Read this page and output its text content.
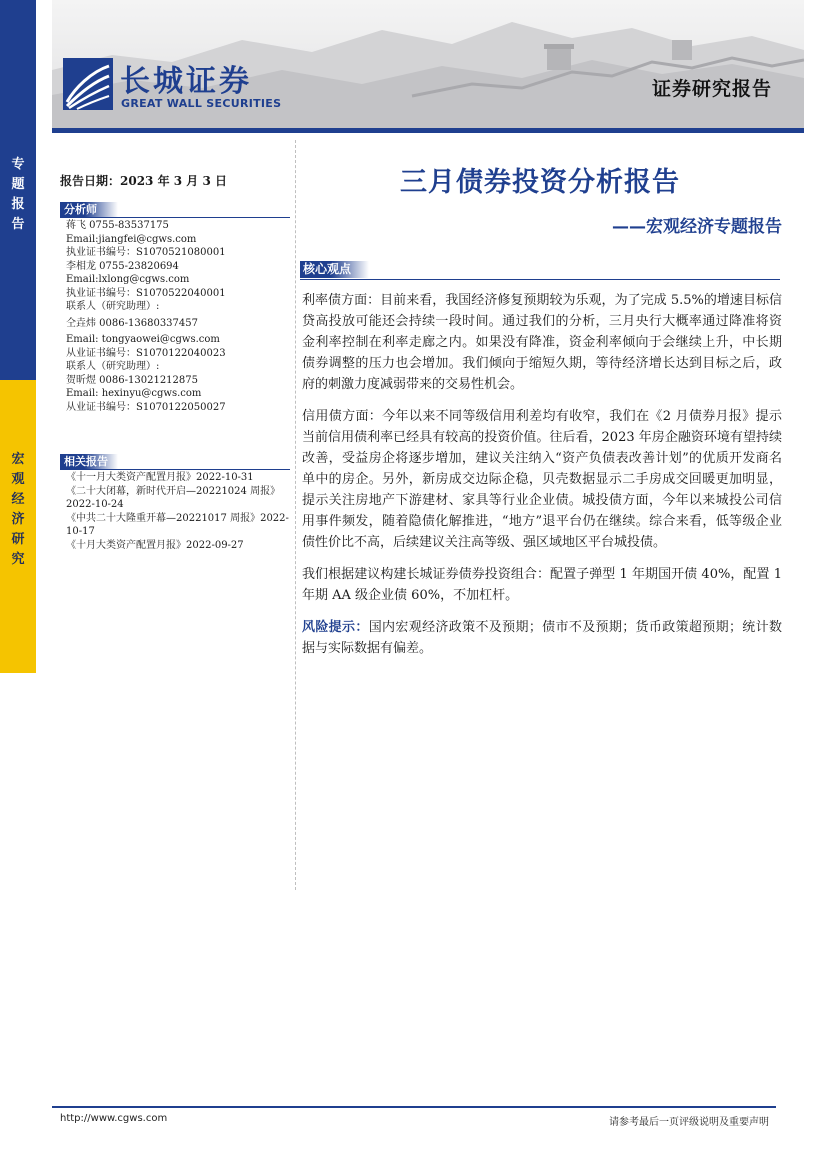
专
题
报
告
宏
观
经
济
研
究
长城证券
GREAT WALL SECURITIES
证券研究报告
报告日期：2023 年 3 月 3 日
分析师
蒋飞 0755-83537175
Email:jiangfei@cgws.com
执业证书编号：S1070521080001
李相龙 0755-23820694
Email:lxlong@cgws.com
执业证书编号：S1070522040001
联系人（研究助理）:
仝垚炜 0086-13680337457
Email: tongyaowei@cgws.com
从业证书编号：S1070122040023
联系人（研究助理）:
贺昕煜 0086-13021212875
Email: hexinyu@cgws.com
从业证书编号：S1070122050027
相关报告
《十一月大类资产配置月报》2022-10-31
《二十大闭幕，新时代开启—20221024 周报》2022-10-24
《中共二十大隆重开幕—20221017 周报》2022-10-17
《十月大类资产配置月报》2022-09-27
三月债券投资分析报告
——宏观经济专题报告
核心观点

利率债方面：目前来看，我国经济修复预期较为乐观，为了完成 5.5%的增速目标信贷高投放可能还会持续一段时间。通过我们的分析，三月央行大概率通过降准将资金利率控制在利率走廊之内。如果没有降准，资金利率倾向于会继续上升，中长期债券调整的压力也会增加。我们倾向于缩短久期，等待经济增长达到目标之后，政府的刺激力度减弱带来的交易性机会。

信用债方面：今年以来不同等级信用利差均有收窄，我们在《2 月债券月报》提示当前信用债利率已经具有较高的投资价值。往后看，2023 年房企融资环境有望持续改善，受益房企将逐步增加，建议关注纳入“资产负债表改善计划”的优质开发商名单中的房企。另外，新房成交边际企稳，贝壳数据显示二手房成交回暖更加明显，提示关注房地产下游建材、家具等行业企业债。城投债方面，今年以来城投公司信用事件频发，随着隐债化解推进，“地方”退平台仍在继续。综合来看，低等级企业债性价比不高，后续建议关注高等级、强区域地区平台城投债。

我们根据建议构建长城证券债券投资组合：配置子弹型 1 年期国开债 40%，配置 1 年期 AA 级企业债 60%，不加杠杆。

风险提示：国内宏观经济政策不及预期；债市不及预期；货币政策超预期；统计数据与实际数据有偏差。

http://www.cgws.com	请参考最后一页评级说明及重要声明
